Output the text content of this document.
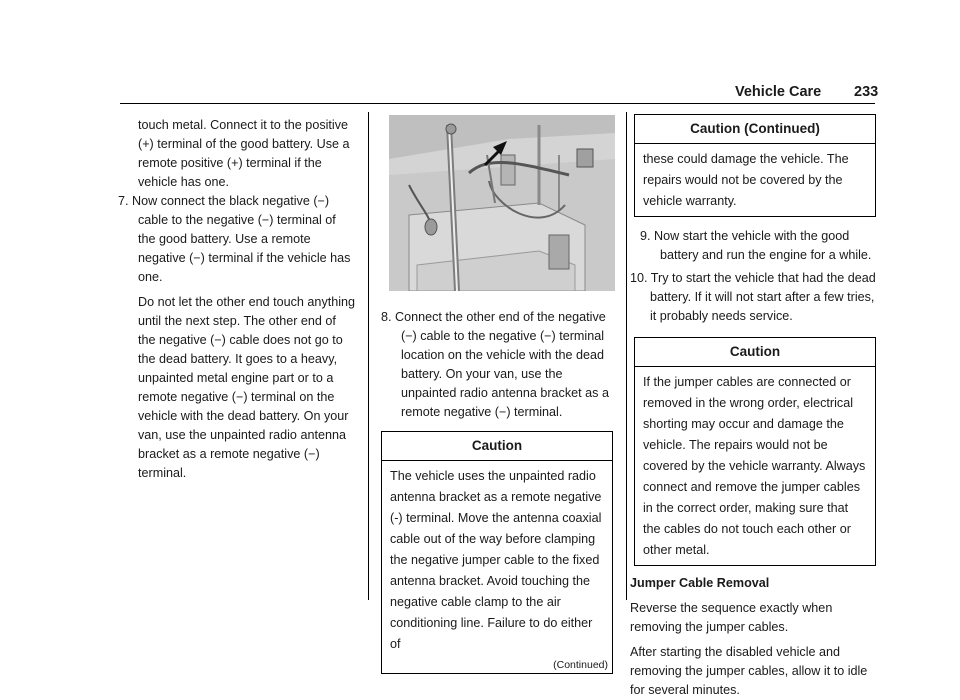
Vehicle Care 233

touch metal. Connect it to the positive (+) terminal of the good battery. Use a remote positive (+) terminal if the vehicle has one.

7. Now connect the black negative (−) cable to the negative (−) terminal of the good battery. Use a remote negative (−) terminal if the vehicle has one.

Do not let the other end touch anything until the next step. The other end of the negative (−) cable does not go to the dead battery. It goes to a heavy, unpainted metal engine part or to a remote negative (−) terminal on the vehicle with the dead battery. On your van, use the unpainted radio antenna bracket as a remote negative (−) terminal.

8. Connect the other end of the negative (−) cable to the negative (−) terminal location on the vehicle with the dead battery. On your van, use the unpainted radio antenna bracket as a remote negative (−) terminal.

Caution
The vehicle uses the unpainted radio antenna bracket as a remote negative (-) terminal. Move the antenna coaxial cable out of the way before clamping the negative jumper cable to the fixed antenna bracket. Avoid touching the negative cable clamp to the air conditioning line. Failure to do either of
(Continued)
Caution (Continued)
these could damage the vehicle. The repairs would not be covered by the vehicle warranty.

9. Now start the vehicle with the good battery and run the engine for a while.

10. Try to start the vehicle that had the dead battery. If it will not start after a few tries, it probably needs service.

Caution
If the jumper cables are connected or removed in the wrong order, electrical shorting may occur and damage the vehicle. The repairs would not be covered by the vehicle warranty. Always connect and remove the jumper cables in the correct order, making sure that the cables do not touch each other or other metal.

Jumper Cable Removal

Reverse the sequence exactly when removing the jumper cables.

After starting the disabled vehicle and removing the jumper cables, allow it to idle for several minutes.
